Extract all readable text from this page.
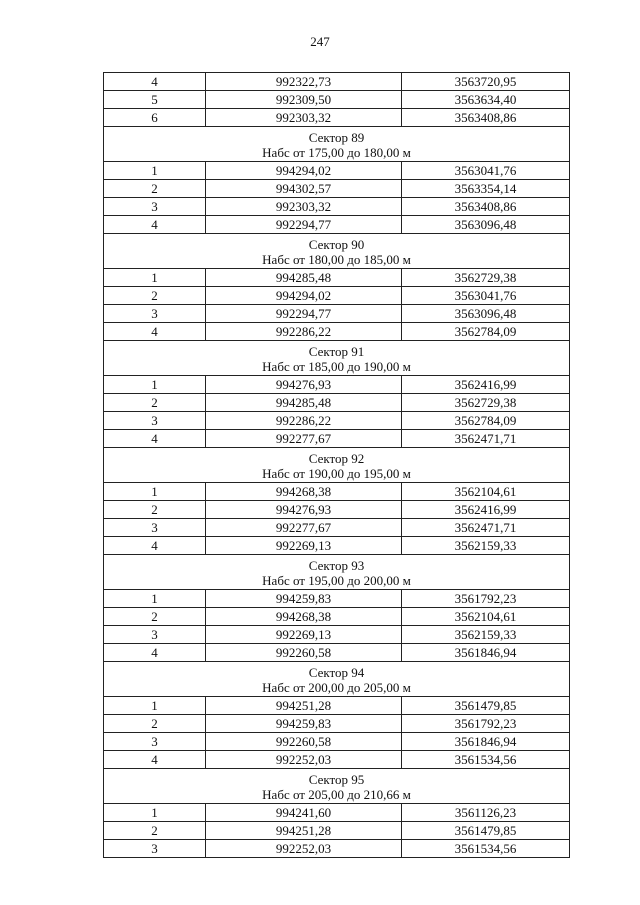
247
4	992322,73	3563720,95
5	992309,50	3563634,40
6	992303,32	3563408,86

Сектор 89
Набс от 175,00 до 180,00 м		

1	994294,02	3563041,76
2	994302,57	3563354,14
3	992303,32	3563408,86
4	992294,77	3563096,48

Сектор 90
Набс от 180,00 до 185,00 м		

1	994285,48	3562729,38
2	994294,02	3563041,76
3	992294,77	3563096,48
4	992286,22	3562784,09

Сектор 91
Набс от 185,00 до 190,00 м		

1	994276,93	3562416,99
2	994285,48	3562729,38
3	992286,22	3562784,09
4	992277,67	3562471,71

Сектор 92
Набс от 190,00 до 195,00 м		

1	994268,38	3562104,61
2	994276,93	3562416,99
3	992277,67	3562471,71
4	992269,13	3562159,33

Сектор 93
Набс от 195,00 до 200,00 м		

1	994259,83	3561792,23
2	994268,38	3562104,61
3	992269,13	3562159,33
4	992260,58	3561846,94

Сектор 94
Набс от 200,00 до 205,00 м		

1	994251,28	3561479,85
2	994259,83	3561792,23
3	992260,58	3561846,94
4	992252,03	3561534,56

Сектор 95
Набс от 205,00 до 210,66 м		

1	994241,60	3561126,23
2	994251,28	3561479,85
3	992252,03	3561534,56
